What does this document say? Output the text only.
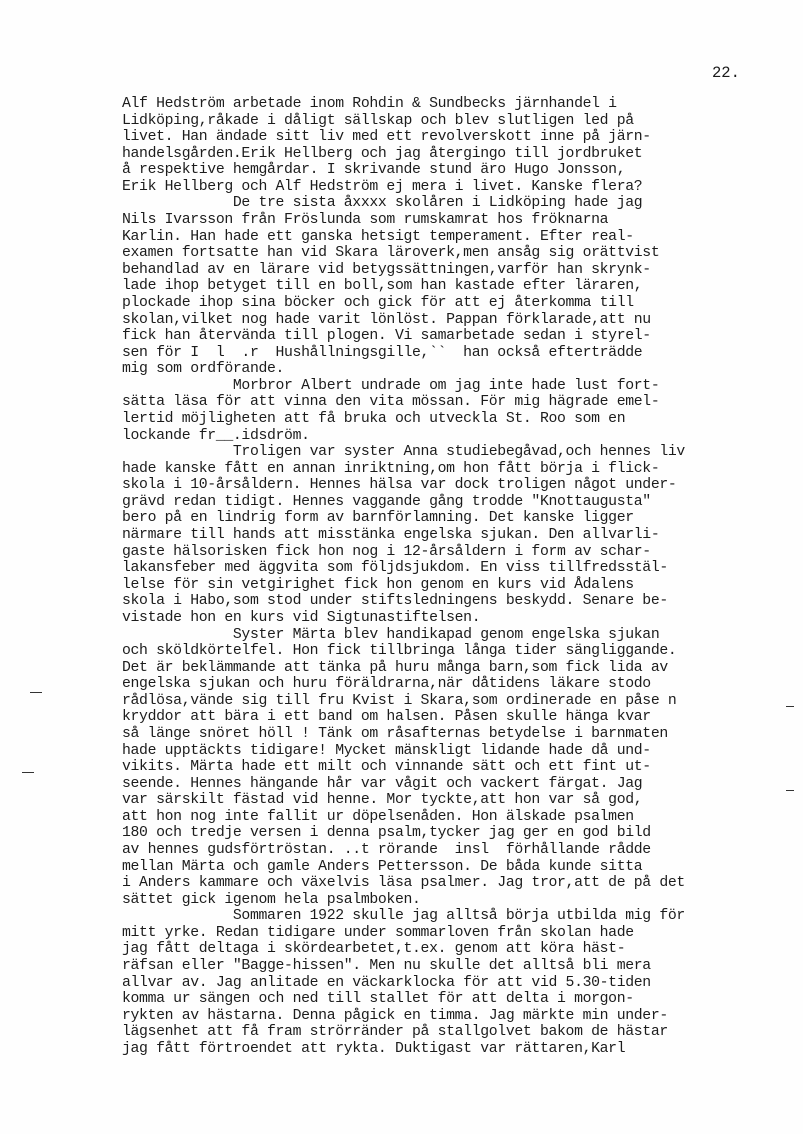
22.
Alf Hedström arbetade inom Rohdin & Sundbecks järnhandel i
Lidköping,råkade i dåligt sällskap och blev slutligen led på
livet. Han ändade sitt liv med ett revolverskott inne på järn-
handelsgården.Erik Hellberg och jag återgingo till jordbruket
å respektive hemgårdar. I skrivande stund äro Hugo Jonsson,
Erik Hellberg och Alf Hedström ej mera i livet. Kanske flera?
De tre sista åxxxx skolåren i Lidköping hade jag
Nils Ivarsson från Fröslunda som rumskamrat hos fröknarna
Karlin. Han hade ett ganska hetsigt temperament. Efter real-
examen fortsatte han vid Skara läroverk,men ansåg sig orättvist
behandlad av en lärare vid betygssättningen,varför han skrynk-
lade ihop betyget till en boll,som han kastade efter läraren,
plockade ihop sina böcker och gick för att ej återkomma till
skolan,vilket nog hade varit lönlöst. Pappan förklarade,att nu
fick han återvända till plogen. Vi samarbetade sedan i styrel-
sen för I  l  .r  Hushållningsgille,``  han också efterträdde
mig som ordförande.
Morbror Albert undrade om jag inte hade lust fort-
sätta läsa för att vinna den vita mössan. För mig hägrade emel-
lertid möjligheten att få bruka och utveckla St. Roo som en
lockande fr__.idsdröm.
Troligen var syster Anna studiebegåvad,och hennes liv
hade kanske fått en annan inriktning,om hon fått börja i flick-
skola i 10-årsåldern. Hennes hälsa var dock troligen något under-
grävd redan tidigt. Hennes vaggande gång trodde "Knottaugusta"
bero på en lindrig form av barnförlamning. Det kanske ligger
närmare till hands att misstänka engelska sjukan. Den allvarli-
gaste hälsorisken fick hon nog i 12-årsåldern i form av schar-
lakansfeber med äggvita som följdsjukdom. En viss tillfredsstäl-
lelse för sin vetgirighet fick hon genom en kurs vid Ådalens
skola i Habo,som stod under stiftsledningens beskydd. Senare be-
vistade hon en kurs vid Sigtunastiftelsen.
Syster Märta blev handikapad genom engelska sjukan
och sköldkörtelfel. Hon fick tillbringa långa tider sängliggande.
Det är beklämmande att tänka på huru många barn,som fick lida av
engelska sjukan och huru föräldrarna,när dåtidens läkare stodo
rådlösa,vände sig till fru Kvist i Skara,som ordinerade en påse n
kryddor att bära i ett band om halsen. Påsen skulle hänga kvar
så länge snöret höll ! Tänk om råsafternas betydelse i barnmaten
hade upptäckts tidigare! Mycket mänskligt lidande hade då und-
vikits. Märta hade ett milt och vinnande sätt och ett fint ut-
seende. Hennes hängande hår var vågit och vackert färgat. Jag
var särskilt fästad vid henne. Mor tyckte,att hon var så god,
att hon nog inte fallit ur döpelsenåden. Hon älskade psalmen
180 och tredje versen i denna psalm,tycker jag ger en god bild
av hennes gudsförtröstan. ..t rörande  insl  förhållande rådde
mellan Märta och gamle Anders Pettersson. De båda kunde sitta
i Anders kammare och växelvis läsa psalmer. Jag tror,att de på det
sättet gick igenom hela psalmboken.
Sommaren 1922 skulle jag alltså börja utbilda mig för
mitt yrke. Redan tidigare under sommarloven från skolan hade
jag fått deltaga i skördearbetet,t.ex. genom att köra häst-
räfsan eller "Bagge-hissen". Men nu skulle det alltså bli mera
allvar av. Jag anlitade en väckarklocka för att vid 5.30-tiden
komma ur sängen och ned till stallet för att delta i morgon-
rykten av hästarna. Denna pågick en timma. Jag märkte min under-
lägsenhet att få fram strörränder på stallgolvet bakom de hästar
jag fått förtroendet att rykta. Duktigast var rättaren,Karl
